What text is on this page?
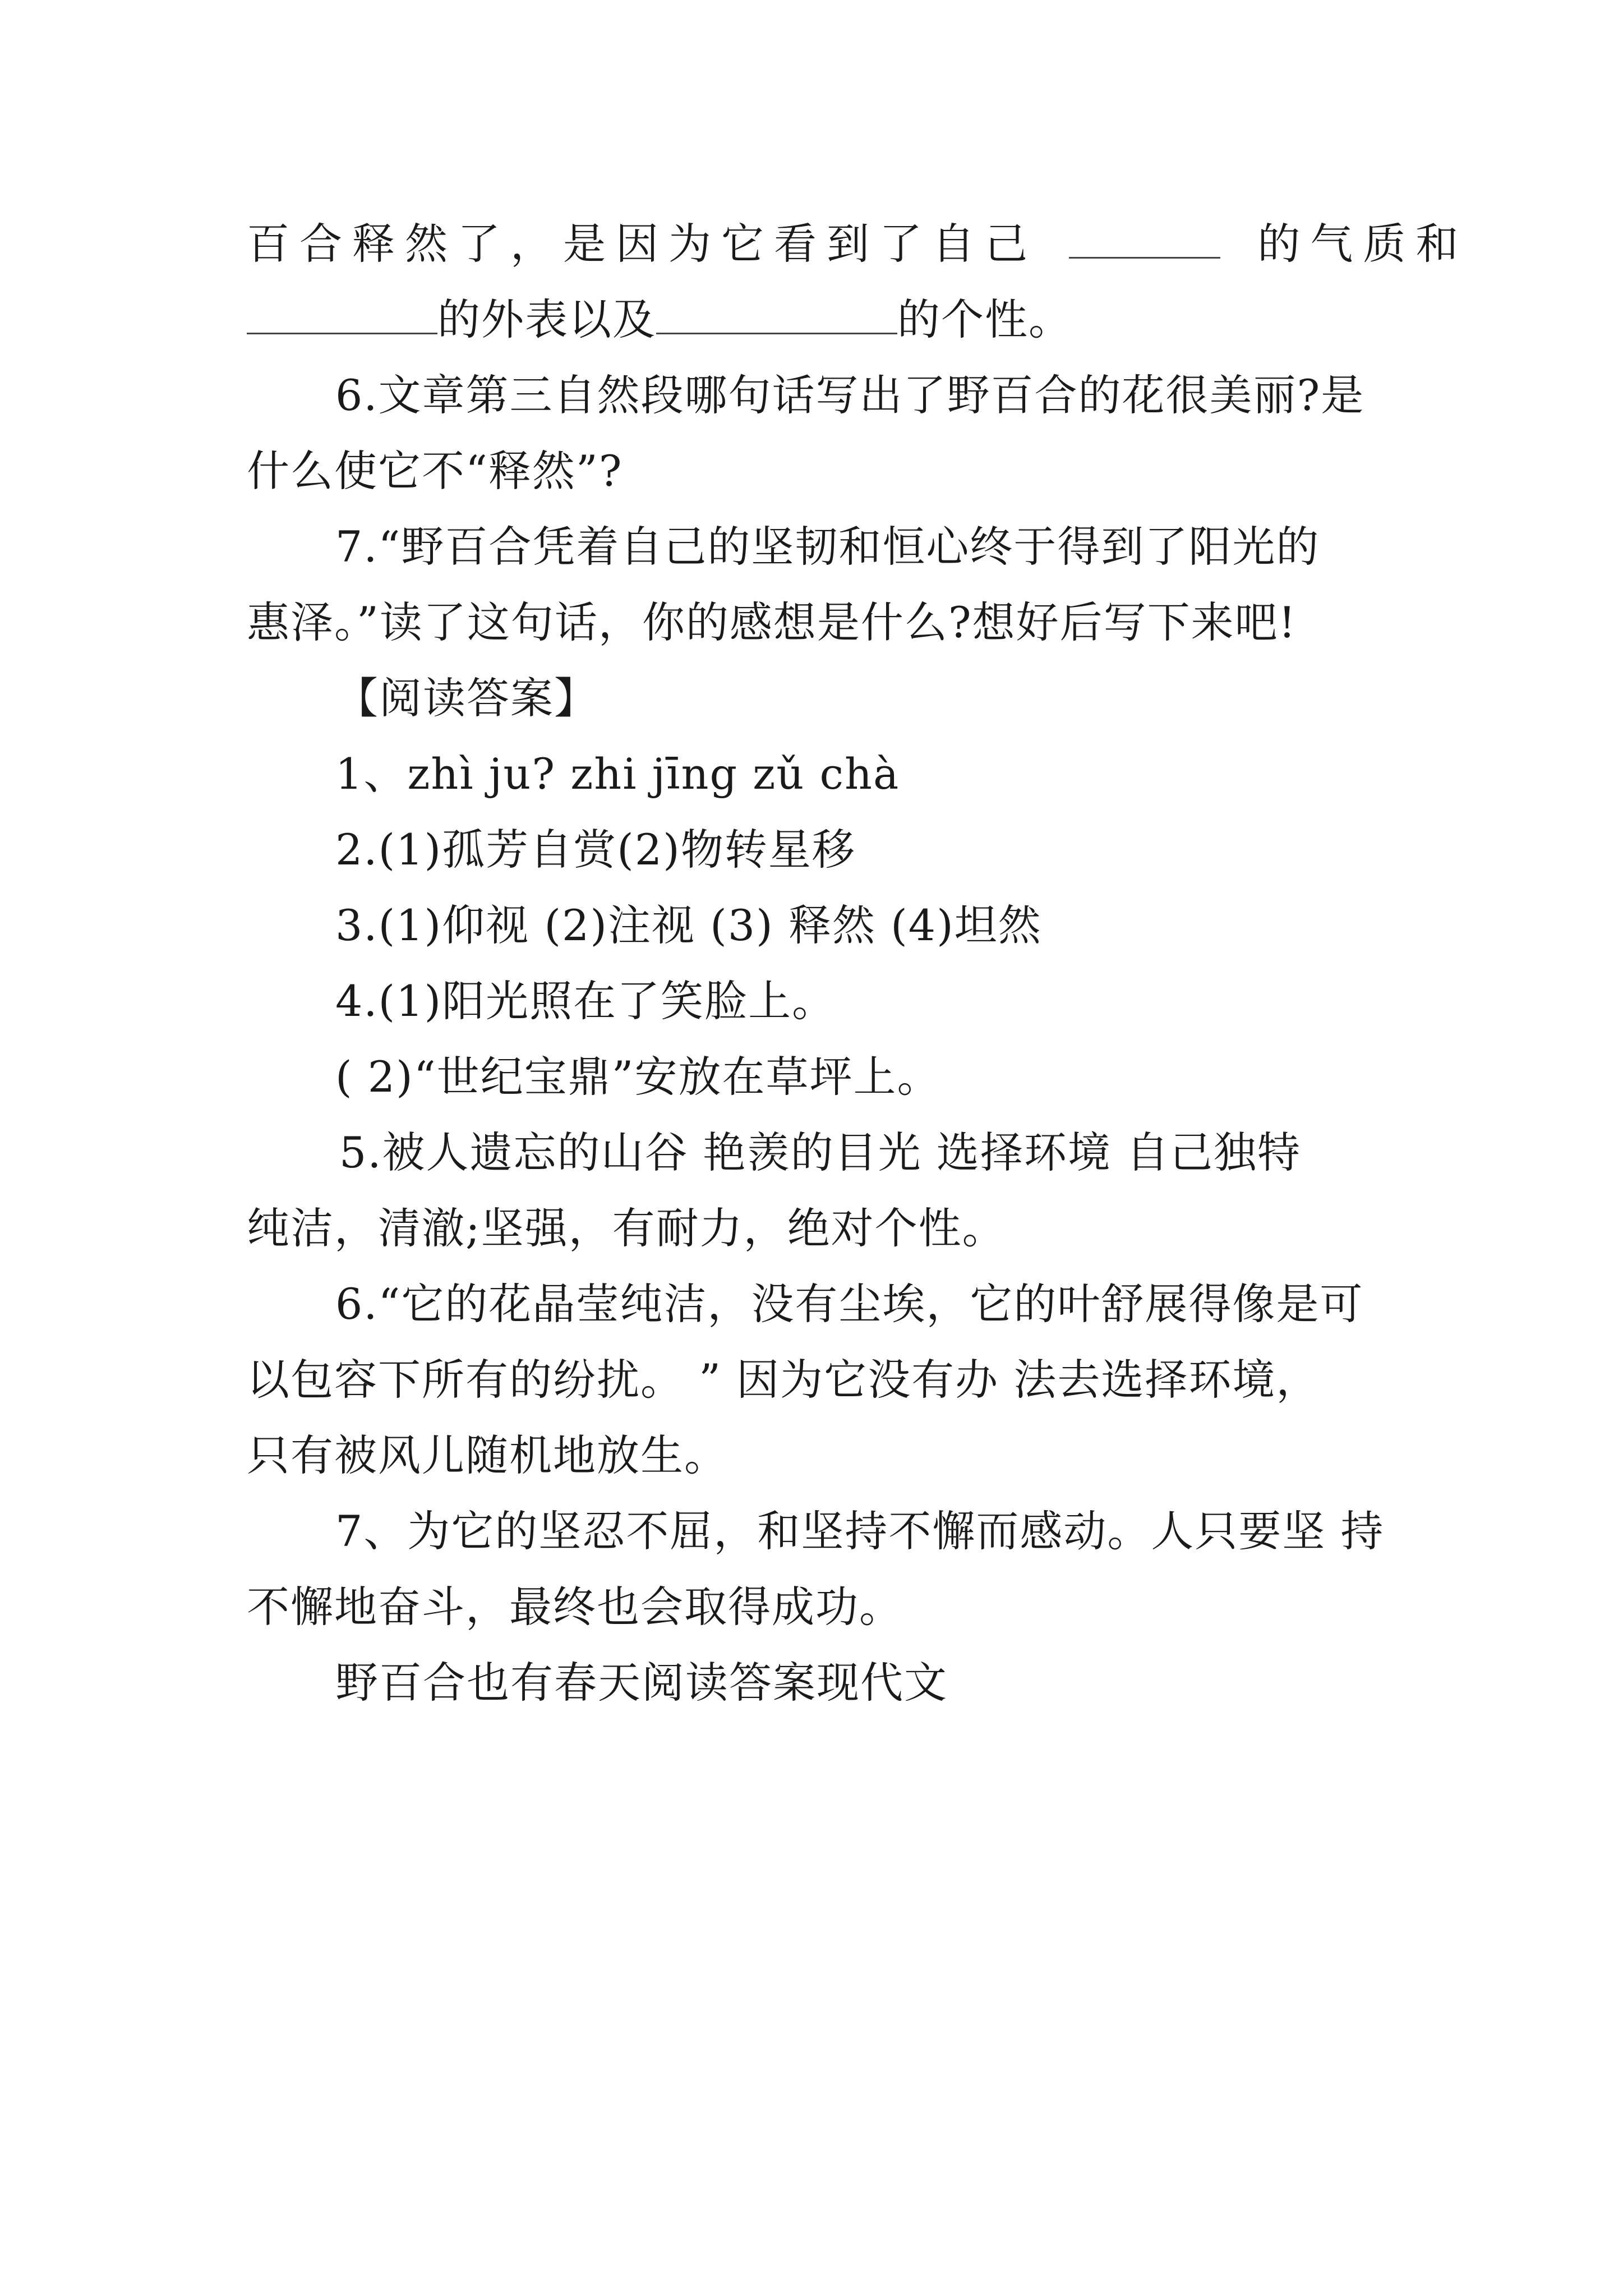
百合释然了，是因为它看到了自己	的气质和
的外表以及	的个性。
6.文章第三自然段哪句话写出了野百合的花很美丽?是
什么使它不“释然”?
7.“野百合凭着自己的坚韧和恒心终于得到了阳光的
惠泽。”读了这句话，你的感想是什么?想好后写下来吧!
【阅读答案】
1、zhì ju? zhi jīng zǔ chà
2.(1)孤芳自赏(2)物转星移
3.(1)仰视 (2)注视 (3) 释然 (4)坦然
4.(1)阳光照在了笑脸上。
( 2)“世纪宝鼎”安放在草坪上。
5.被人遗忘的山谷 艳羡的目光 选择环境 自己独特
纯洁，清澈;坚强，有耐力，绝对个性。
6.“它的花晶莹纯洁，没有尘埃，它的叶舒展得像是可
以包容下所有的纷扰。 ” 因为它没有办 法去选择环境，
只有被风儿随机地放生。
7、为它的坚忍不屈，和坚持不懈而感动。人只要坚 持
不懈地奋斗，最终也会取得成功。
野百合也有春天阅读答案现代文
